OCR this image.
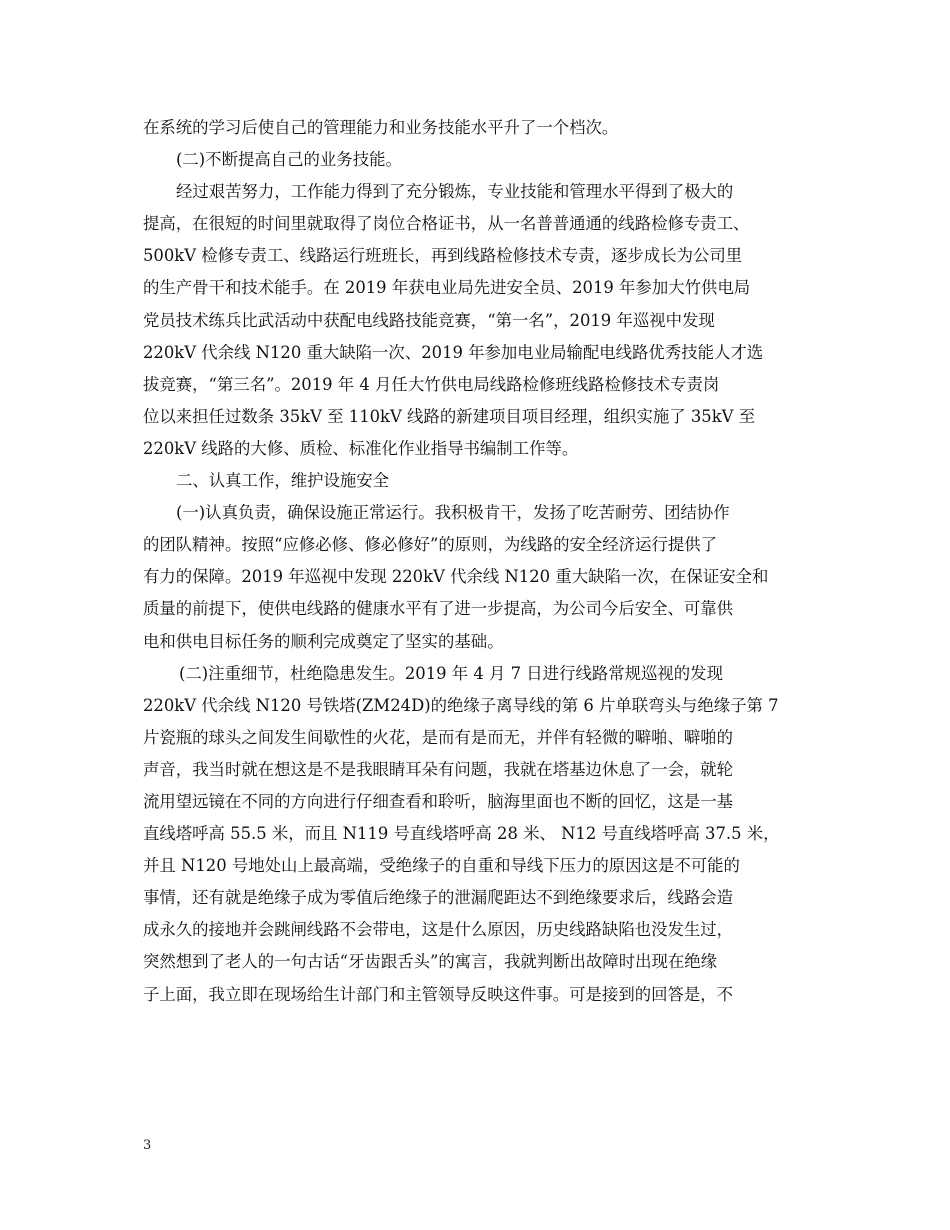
在系统的学习后使自己的管理能力和业务技能水平升了一个档次。
(二)不断提高自己的业务技能。
经过艰苦努力，工作能力得到了充分锻炼，专业技能和管理水平得到了极大的
提高，在很短的时间里就取得了岗位合格证书，从一名普普通通的线路检修专责工、
500kV 检修专责工、线路运行班班长，再到线路检修技术专责，逐步成长为公司里
的生产骨干和技术能手。在 2019 年获电业局先进安全员、2019 年参加大竹供电局
党员技术练兵比武活动中获配电线路技能竞赛，“第一名”，2019 年巡视中发现
220kV 代余线 N120 重大缺陷一次、2019 年参加电业局输配电线路优秀技能人才选
拔竞赛，“第三名”。2019 年 4 月任大竹供电局线路检修班线路检修技术专责岗
位以来担任过数条 35kV 至 110kV 线路的新建项目项目经理，组织实施了 35kV 至
220kV 线路的大修、质检、标准化作业指导书编制工作等。
二、认真工作，维护设施安全
(一)认真负责，确保设施正常运行。我积极肯干，发扬了吃苦耐劳、团结协作
的团队精神。按照“应修必修、修必修好”的原则，为线路的安全经济运行提供了
有力的保障。2019 年巡视中发现 220kV 代余线 N120 重大缺陷一次，在保证安全和
质量的前提下，使供电线路的健康水平有了进一步提高，为公司今后安全、可靠供
电和供电目标任务的顺利完成奠定了坚实的基础。
(二)注重细节，杜绝隐患发生。2019 年 4 月 7 日进行线路常规巡视的发现
220kV 代余线 N120 号铁塔(ZM24D)的绝缘子离导线的第 6 片单联弯头与绝缘子第 7
片瓷瓶的球头之间发生间歇性的火花，是而有是而无，并伴有轻微的噼啪、噼啪的
声音，我当时就在想这是不是我眼睛耳朵有问题，我就在塔基边休息了一会，就轮
流用望远镜在不同的方向进行仔细查看和聆听，脑海里面也不断的回忆，这是一基
直线塔呼高 55.5 米，而且 N119 号直线塔呼高 28 米、 N12 号直线塔呼高 37.5 米，
并且 N120 号地处山上最高端，受绝缘子的自重和导线下压力的原因这是不可能的
事情，还有就是绝缘子成为零值后绝缘子的泄漏爬距达不到绝缘要求后，线路会造
成永久的接地并会跳闸线路不会带电，这是什么原因，历史线路缺陷也没发生过，
突然想到了老人的一句古话“牙齿跟舌头”的寓言，我就判断出故障时出现在绝缘
子上面，我立即在现场给生计部门和主管领导反映这件事。可是接到的回答是，不
3
